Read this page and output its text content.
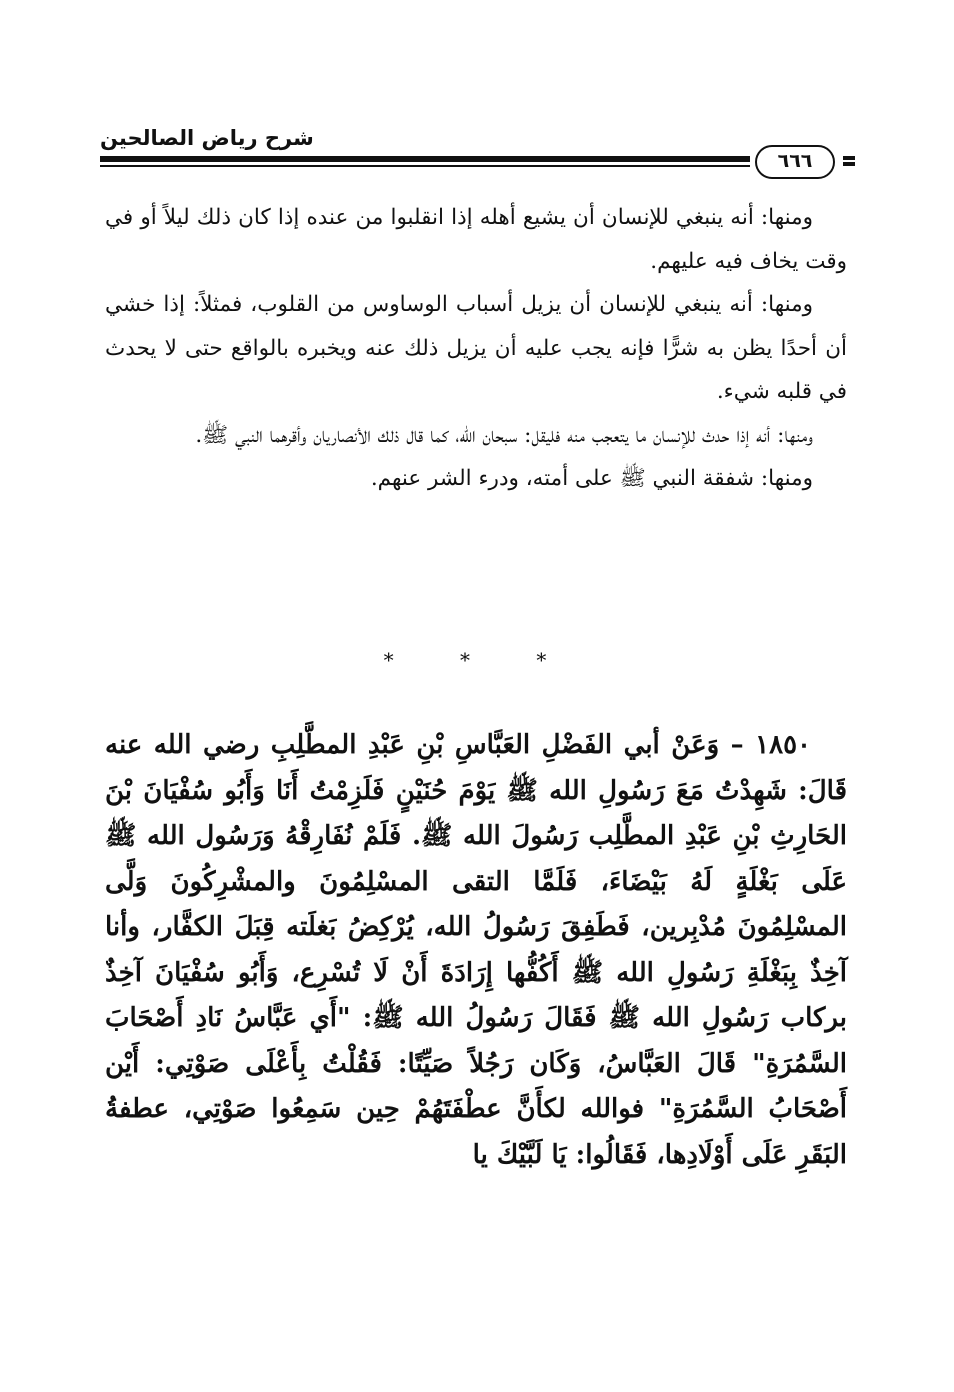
شرح رياض الصالحين
٦٦٦

ومنها: أنه ينبغي للإنسان أن يشيع أهله إذا انقلبوا من عنده إذا كان ذلك ليلاً أو في وقت يخاف فيه عليهم.

ومنها: أنه ينبغي للإنسان أن يزيل أسباب الوساوس من القلوب، فمثلاً: إذا خشي أن أحدًا يظن به شرًّا فإنه يجب عليه أن يزيل ذلك عنه ويخبره بالواقع حتى لا يحدث في قلبه شيء.

ومنها: أنه إذا حدث للإنسان ما يتعجب منه فليقل: سبحان الله، كما قال ذلك الأنصاريان وأقرهما النبي ﷺ.

ومنها: شفقة النبي ﷺ على أمته، ودرء الشر عنهم.

* * *

١٨٥٠ – وَعَنْ أبي الفَضْلِ العَبَّاسِ بْنِ عَبْدِ المطَّلِبِ رضي الله عنه قَالَ: شَهِدْتُ مَعَ رَسُولِ الله ﷺ يَوْمَ حُنَيْنٍ فَلَزِمْتُ أَنَا وَأَبُو سُفْيَانَ بْنَ الحَارِثِ بْنِ عَبْدِ المطَّلِب رَسُولَ الله ﷺ. فَلَمْ نُفَارِقْهُ وَرَسُول الله ﷺ عَلَى بَغْلَةٍ لَهُ بَيْضَاءَ، فَلَمَّا التقى المسْلِمُونَ والمشْرِكُونَ وَلَّى المسْلِمُونَ مُدْبِرين، فَطَفِقَ رَسُولُ الله، يُرْكِضُ بَغلَته قِبَلَ الكفَّار، وأنا آخِذٌ بِبَغْلَةِ رَسُولِ الله ﷺ أَكُفُّها إِرَادَةَ أَنْ لَا تُسْرِع، وَأَبُو سُفْيَانَ آخِذٌ بركاب رَسُولِ الله ﷺ فَقَالَ رَسُولُ الله ﷺ: "أَي عَبَّاسُ نَادِ أَصْحَابَ السَّمُرَةِ" قَالَ العَبَّاسُ، وَكَان رَجُلاً صَيِّتًا: فَقُلْتُ بِأَعْلَى صَوْتِي: أَيْن أَصْحَابُ السَّمُرَةِ" فوالله لكأَنَّ عطْفَتَهُمْ حِين سَمِعُوا صَوْتِي، عطفةُ البَقَرِ عَلَى أَوْلَادِها، فَقَالُوا: يَا لَبَّيْكَ يا
